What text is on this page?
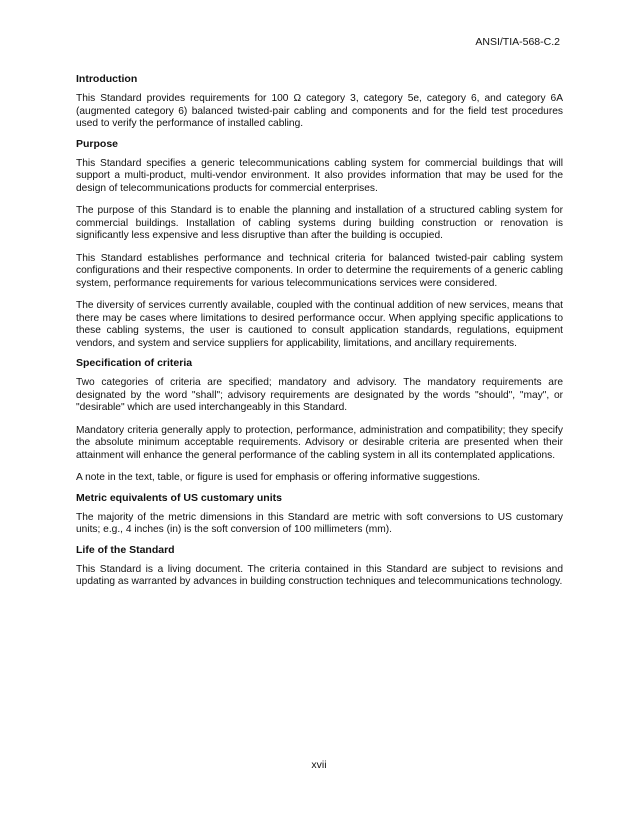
ANSI/TIA-568-C.2
Introduction

This Standard provides requirements for 100 Ω category 3, category 5e, category 6, and category 6A (augmented category 6) balanced twisted-pair cabling and components and for the field test procedures used to verify the performance of installed cabling.

Purpose

This Standard specifies a generic telecommunications cabling system for commercial buildings that will support a multi-product, multi-vendor environment. It also provides information that may be used for the design of telecommunications products for commercial enterprises.

The purpose of this Standard is to enable the planning and installation of a structured cabling system for commercial buildings. Installation of cabling systems during building construction or renovation is significantly less expensive and less disruptive than after the building is occupied.

This Standard establishes performance and technical criteria for balanced twisted-pair cabling system configurations and their respective components. In order to determine the requirements of a generic cabling system, performance requirements for various telecommunications services were considered.

The diversity of services currently available, coupled with the continual addition of new services, means that there may be cases where limitations to desired performance occur. When applying specific applications to these cabling systems, the user is cautioned to consult application standards, regulations, equipment vendors, and system and service suppliers for applicability, limitations, and ancillary requirements.

Specification of criteria

Two categories of criteria are specified; mandatory and advisory. The mandatory requirements are designated by the word "shall"; advisory requirements are designated by the words "should", "may", or "desirable" which are used interchangeably in this Standard.

Mandatory criteria generally apply to protection, performance, administration and compatibility; they specify the absolute minimum acceptable requirements. Advisory or desirable criteria are presented when their attainment will enhance the general performance of the cabling system in all its contemplated applications.

A note in the text, table, or figure is used for emphasis or offering informative suggestions.

Metric equivalents of US customary units

The majority of the metric dimensions in this Standard are metric with soft conversions to US customary units; e.g., 4 inches (in) is the soft conversion of 100 millimeters (mm).

Life of the Standard

This Standard is a living document. The criteria contained in this Standard are subject to revisions and updating as warranted by advances in building construction techniques and telecommunications technology.

xvii
